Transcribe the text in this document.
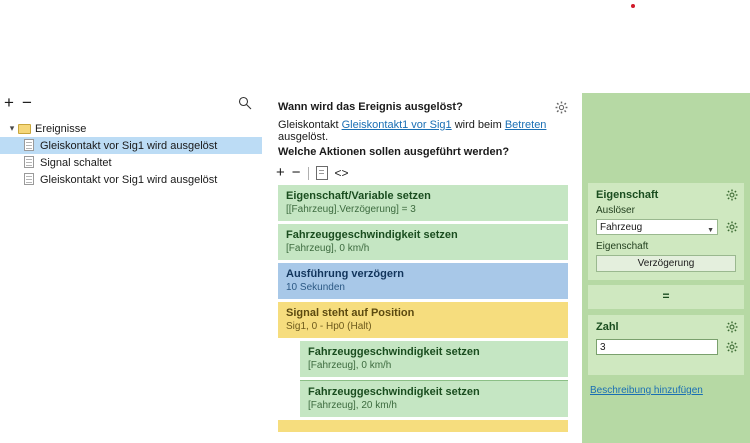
+ −
▾	Ereignisse
Gleiskontakt vor Sig1 wird ausgelöst
Signal schaltet
Gleiskontakt vor Sig1 wird ausgelöst
Wann wird das Ereignis ausgelöst?
Gleiskontakt Gleiskontakt1 vor Sig1 wird beim Betreten ausgelöst.
Welche Aktionen sollen ausgeführt werden?
+ −	<>
Eigenschaft/Variable setzen
[[Fahrzeug].Verzögerung] = 3
Fahrzeuggeschwindigkeit setzen
[Fahrzeug], 0 km/h
Ausführung verzögern
10 Sekunden
Signal steht auf Position
Sig1, 0 - Hp0 (Halt)
Fahrzeuggeschwindigkeit setzen
[Fahrzeug], 0 km/h
Fahrzeuggeschwindigkeit setzen
[Fahrzeug], 20 km/h
Eigenschaft
Auslöser
Fahrzeug	▼
Eigenschaft
Verzögerung
=
Zahl
3
Beschreibung hinzufügen
